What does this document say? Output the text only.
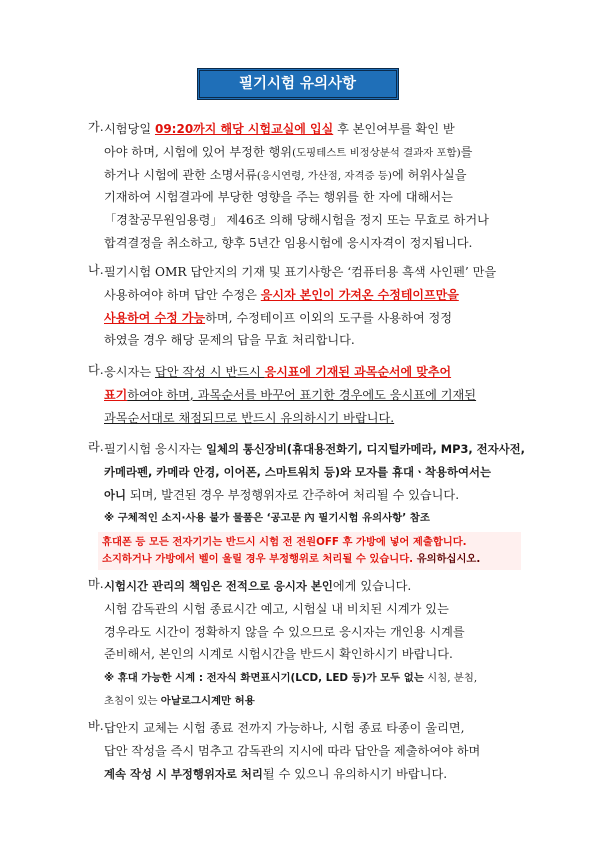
필기시험 유의사항
가. 시험당일 09:20까지 해당 시험교실에 입실 후 본인여부를 확인 받
아야 하며, 시험에 있어 부정한 행위(도핑테스트 비정상분석 결과자 포함)를
하거나 시험에 관한 소명서류(응시연령, 가산점, 자격증 등)에 허위사실을
기재하여 시험결과에 부당한 영향을 주는 행위를 한 자에 대해서는
「경찰공무원임용령」 제46조 의해 당해시험을 정지 또는 무효로 하거나
합격결정을 취소하고, 향후 5년간 임용시험에 응시자격이 정지됩니다.
나. 필기시험 OMR 답안지의 기재 및 표기사항은 ‘컴퓨터용 흑색 사인펜’ 만을
사용하여야 하며 답안 수정은 응시자 본인이 가져온 수정테이프만을
사용하여 수정 가능하며, 수정테이프 이외의 도구를 사용하여 정정
하였을 경우 해당 문제의 답을 무효 처리합니다.
다. 응시자는 답안 작성 시 반드시 응시표에 기재된 과목순서에 맞추어
표기하여야 하며, 과목순서를 바꾸어 표기한 경우에도 응시표에 기재된
과목순서대로 채점되므로 반드시 유의하시기 바랍니다.
라. 필기시험 응시자는 일체의 통신장비(휴대용전화기, 디지털카메라, MP3, 전자사전,
카메라펜, 카메라 안경, 이어폰, 스마트워치 등)와 모자를 휴대ㆍ착용하여서는
아니 되며, 발견된 경우 부정행위자로 간주하여 처리될 수 있습니다.
※ 구체적인 소지·사용 불가 물품은 ‘공고문 內 필기시험 유의사항’ 참조
마. 시험시간 관리의 책임은 전적으로 응시자 본인에게 있습니다.
시험 감독관의 시험 종료시간 예고, 시험실 내 비치된 시계가 있는
경우라도 시간이 정확하지 않을 수 있으므로 응시자는 개인용 시계를
준비해서, 본인의 시계로 시험시간을 반드시 확인하시기 바랍니다.
※ 휴대 가능한 시계 : 전자식 화면표시기(LCD, LED 등)가 모두 없는 시침, 분침,
초침이 있는 아날로그시계만 허용
바. 답안지 교체는 시험 종료 전까지 가능하나, 시험 종료 타종이 울리면,
답안 작성을 즉시 멈추고 감독관의 지시에 따라 답안을 제출하여야 하며
계속 작성 시 부정행위자로 처리될 수 있으니 유의하시기 바랍니다.
휴대폰 등 모든 전자기기는 반드시 시험 전 전원OFF 후 가방에 넣어 제출합니다.
소지하거나 가방에서 벨이 울릴 경우 부정행위로 처리될 수 있습니다. 유의하십시오.
